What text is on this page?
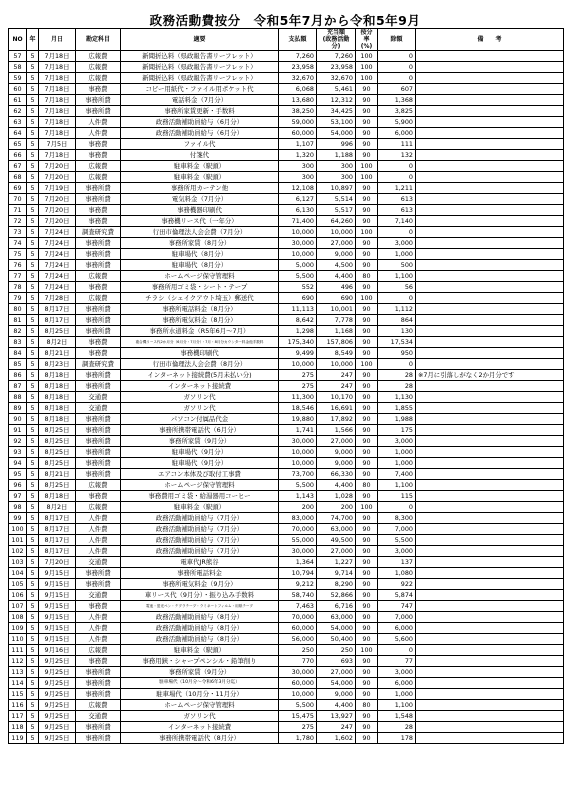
政務活動費按分　令和5年7月から令和5年9月
NO	年	月日	勘定科目	適要	支払額	充当額
(政務活動分)	按分率
(%)	除額	備　　考
57	5	7月18日	広報費	新聞折込料（県政報告書リーフレット）	7,260	7,260	100	0	
58	5	7月18日	広報費	新聞折込料（県政報告書リーフレット）	23,958	23,958	100	0	
59	5	7月18日	広報費	新聞折込料（県政報告書リーフレット）	32,670	32,670	100	0	
60	5	7月18日	事務費	コピー用紙代・ファイル用ポケット代	6,068	5,461	90	607	
61	5	7月18日	事務所費	電話料金（7月分）	13,680	12,312	90	1,368	
62	5	7月18日	事務所費	事務所家賃更新・手数料	38,250	34,425	90	3,825	
63	5	7月18日	人件費	政務活動補助員給与（6月分）	59,000	53,100	90	5,900	
64	5	7月18日	人件費	政務活動補助員給与（6月分）	60,000	54,000	90	6,000	
65	5	7月5日	事務費	ファイル代	1,107	996	90	111	
66	5	7月18日	事務費	付箋代	1,320	1,188	90	132	
67	5	7月20日	広報費	駐車料金（駅頭）	300	300	100	0	
68	5	7月20日	広報費	駐車料金（駅頭）	300	300	100	0	
69	5	7月19日	事務所費	事務所用カーテン他	12,108	10,897	90	1,211	
70	5	7月20日	事務所費	電気料金（7月分）	6,127	5,514	90	613	
71	5	7月20日	事務費	事務機器印刷代	6,130	5,517	90	613	
72	5	7月20日	事務費	事務機リース代（一年分）	71,400	64,260	90	7,140	
73	5	7月24日	調査研究費	行田市倫理法人会会費（7月分）	10,000	10,000	100	0	
74	5	7月24日	事務所費	事務所家賃（8月分）	30,000	27,000	90	3,000	
75	5	7月24日	事務所費	駐車場代（8月分）	10,000	9,000	90	1,000	
76	5	7月24日	事務所費	駐車場代（8月分）	5,000	4,500	90	500	
77	5	7月24日	広報費	ホームページ保守管理料	5,500	4,400	80	1,100	
78	5	7月24日	事務費	事務所用ゴミ袋・シート・テープ	552	496	90	56	
79	5	7月28日	広報費	チラシ（シェイクアウト埼玉）郵送代	690	690	100	0	
80	5	8月17日	事務所費	事務所電話料金（8月分）	11,113	10,001	90	1,112	
81	5	8月17日	事務所費	事務所電気料金（8月分）	8,642	7,778	90	864	
82	5	8月25日	事務所費	事務所水道料金（R5年6月～7月）	1,298	1,168	90	130	
83	5	8月2日	事務費	複合機リース代2か月分（6月分・7月分）・7月・8月分カウンター料金他手数料	175,340	157,806	90	17,534	
84	5	8月21日	事務費	事務機印刷代	9,499	8,549	90	950	
85	5	8月23日	調査研究費	行田市倫理法人会会費（8月分）	10,000	10,000	100	0	
86	5	8月18日	事務所費	インターネット接続費(5月未払い分)	275	247	90	28	※7月に引落しがなく2か月分です
87	5	8月18日	事務所費	インターネット接続費	275	247	90	28	
88	5	8月18日	交通費	ガソリン代	11,300	10,170	90	1,130	
89	5	8月18日	交通費	ガソリン代	18,546	16,691	90	1,855	
90	5	8月18日	事務所費	パソコン付属品代金	19,880	17,892	90	1,988	
91	5	8月25日	事務所費	事務所携帯電話代（6月分）	1,741	1,566	90	175	
92	5	8月25日	事務所費	事務所家賃（9月分）	30,000	27,000	90	3,000	
93	5	8月25日	事務所費	駐車場代（9月分）	10,000	9,000	90	1,000	
94	5	8月25日	事務所費	駐車場代（9月分）	10,000	9,000	90	1,000	
95	5	8月21日	事務所費	エアコン本体及び取付工事費	73,700	66,330	90	7,400	
96	5	8月25日	広報費	ホームページ保守管理料	5,500	4,400	80	1,100	
97	5	8月18日	事務費	事務費用ゴミ袋・給湯器用コーヒー	1,143	1,028	90	115	
98	5	8月2日	広報費	駐車料金（駅頭）	200	200	100	0	
99	5	8月17日	人件費	政務活動補助員給与（7月分）	83,000	74,700	90	8,300	
100	5	8月17日	人件費	政務活動補助員給与（7月分）	70,000	63,000	90	7,000	
101	5	8月17日	人件費	政務活動補助員給与（7月分）	55,000	49,500	90	5,500	
102	5	8月17日	人件費	政務活動補助員給与（7月分）	30,000	27,000	90	3,000	
103	5	7月20日	交通費	電車代JR熊谷	1,364	1,227	90	137	
104	5	9月15日	事務所費	事務所電話料金	10,794	9,714	90	1,080	
105	5	9月15日	事務所費	事務所電気料金（9月分）	9,212	8,290	90	922	
106	5	9月15日	交通費	車リース代（9月分）・振り込み手数料	58,740	52,866	90	5,874	
107	5	9月15日	事務費	電池・蛍光ペン・テプラテープ・ラミネートフィルム・用紙テープ	7,463	6,716	90	747	
108	5	9月15日	人件費	政務活動補助員給与（8月分）	70,000	63,000	90	7,000	
109	5	9月15日	人件費	政務活動補助員給与（8月分）	60,000	54,000	90	6,000	
110	5	9月15日	人件費	政務活動補助員給与（8月分）	56,000	50,400	90	5,600	
111	5	9月16日	広報費	駐車料金（駅頭）	250	250	100	0	
112	5	9月25日	事務費	事務用鋏・シャープペンシル・鉛筆削り	770	693	90	77	
113	5	9月25日	事務所費	事務所家賃（9月分）	30,000	27,000	90	3,000	
114	5	9月25日	事務所費	駐車場代（10月分～令和6年3月分迄）	60,000	54,000	90	6,000	
115	5	9月25日	事務所費	駐車場代（10月分・11月分）	10,000	9,000	90	1,000	
116	5	9月25日	広報費	ホームページ保守管理料	5,500	4,400	80	1,100	
117	5	9月25日	交通費	ガソリン代	15,475	13,927	90	1,548	
118	5	9月25日	事務所費	インターネット接続費	275	247	90	28	
119	5	9月25日	事務所費	事務所携帯電話代（8月分）	1,780	1,602	90	178	
